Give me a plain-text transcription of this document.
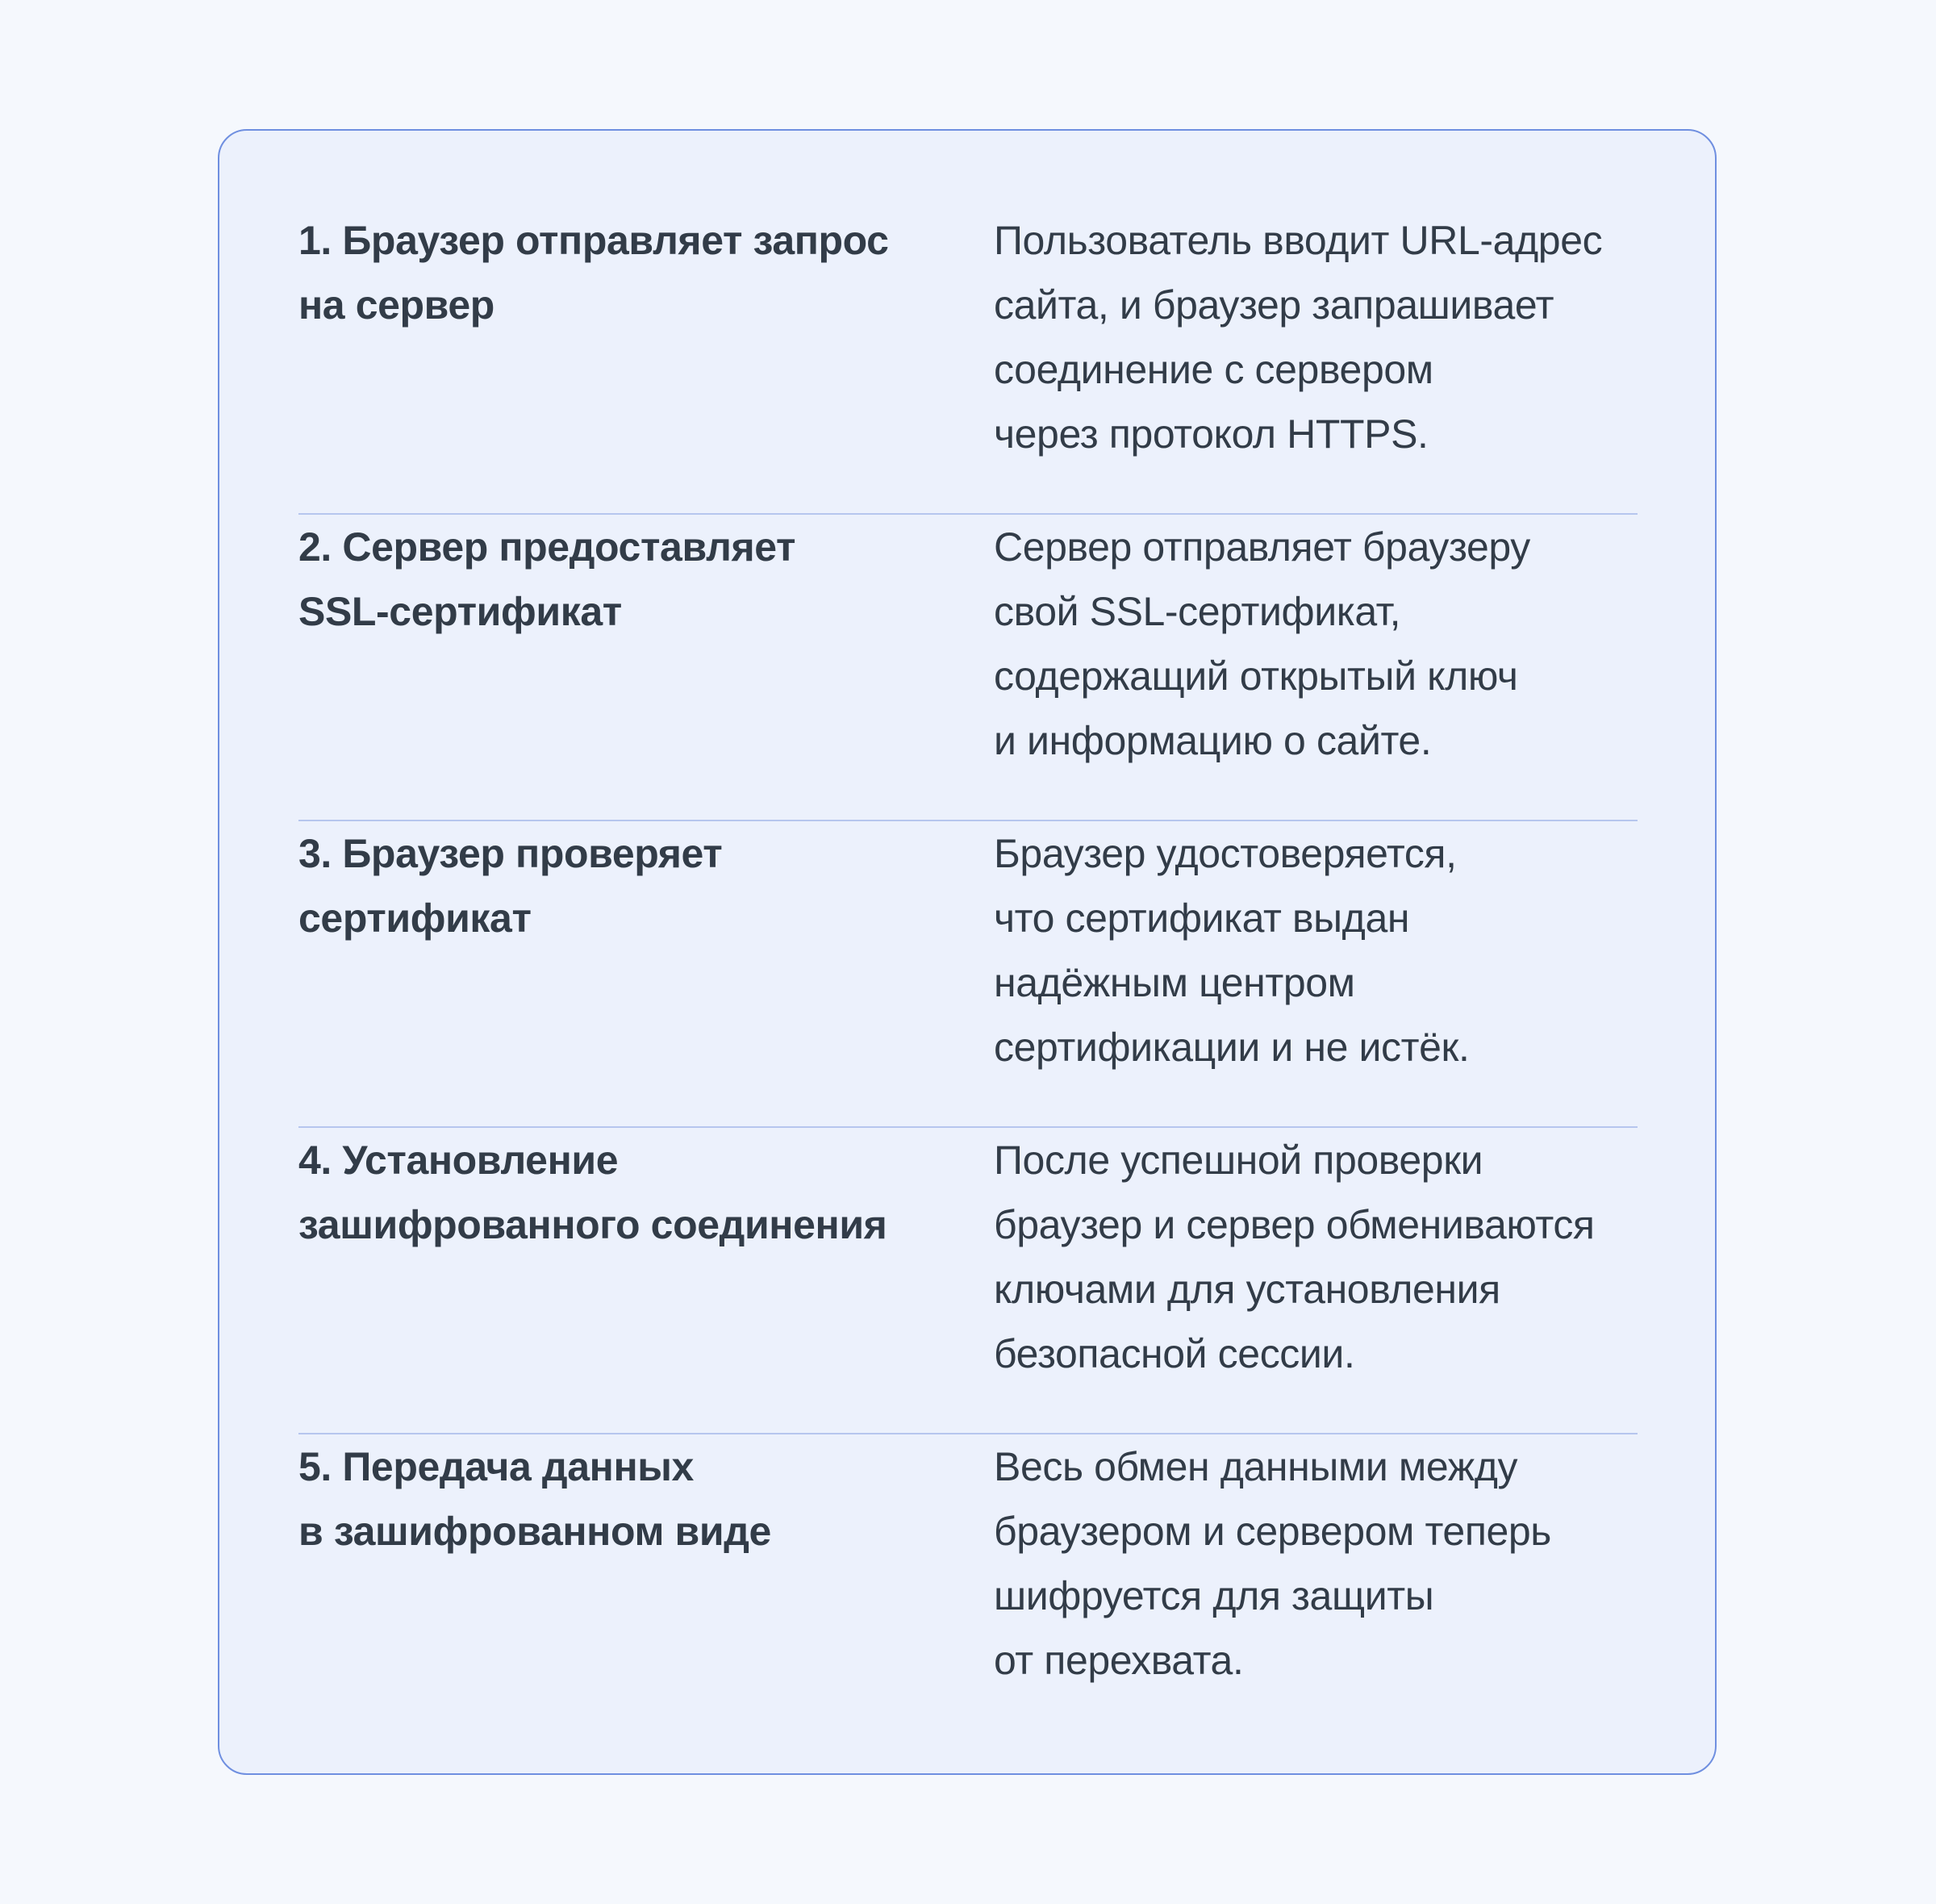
1. Браузер отправляет запрос
на сервер
Пользователь вводит URL-адрес
сайта, и браузер запрашивает
соединение с сервером
через протокол HTTPS.
2. Сервер предоставляет
SSL-сертификат
Сервер отправляет браузеру
свой SSL-сертификат,
содержащий открытый ключ
и информацию о сайте.
3. Браузер проверяет
сертификат
Браузер удостоверяется,
что сертификат выдан
надёжным центром
сертификации и не истёк.
4. Установление
зашифрованного соединения
После успешной проверки
браузер и сервер обмениваются
ключами для установления
безопасной сессии.
5. Передача данных
в зашифрованном виде
Весь обмен данными между
браузером и сервером теперь
шифруется для защиты
от перехвата.
